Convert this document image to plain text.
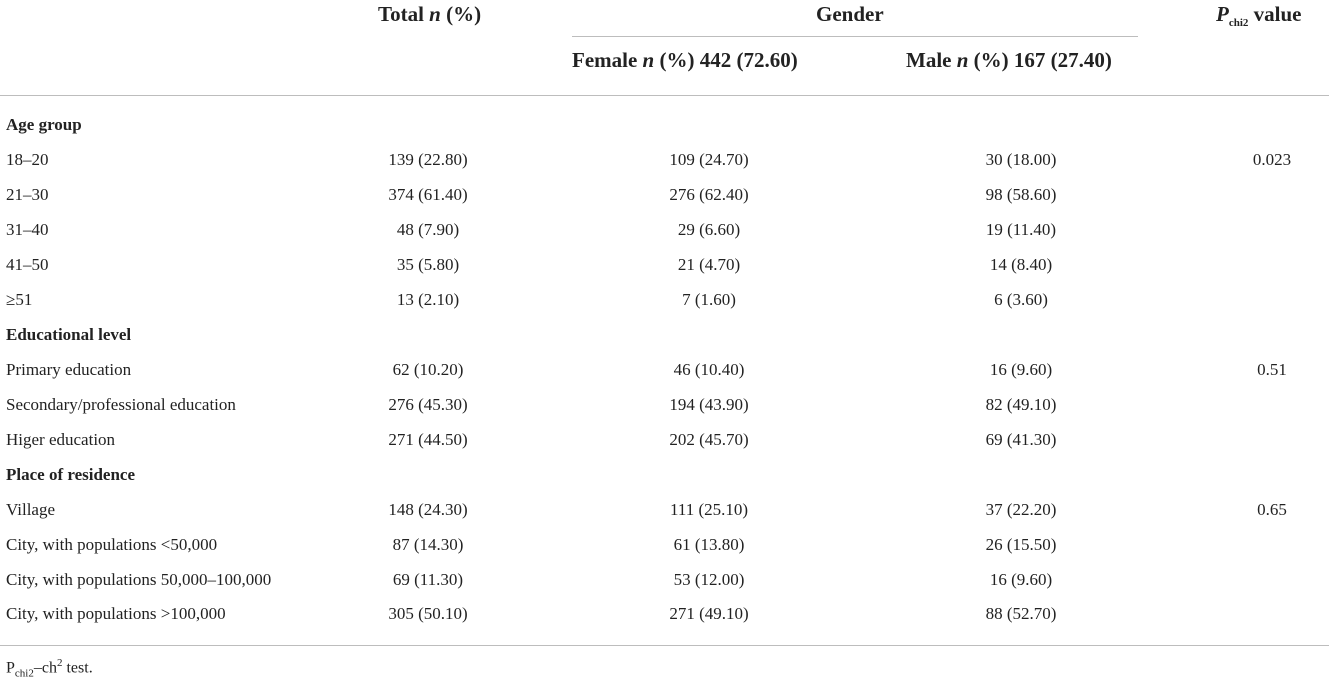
Total n (%)	Gender	$P_{chi2}$ value
Female n (%) 442 (72.60)	Male n (%) 167 (27.40)
Age group
18–20	139 (22.80)	109 (24.70)	30 (18.00)	0.023
21–30	374 (61.40)	276 (62.40)	98 (58.60)
31–40	48 (7.90)	29 (6.60)	19 (11.40)
41–50	35 (5.80)	21 (4.70)	14 (8.40)
≥51	13 (2.10)	7 (1.60)	6 (3.60)
Educational level
Primary education	62 (10.20)	46 (10.40)	16 (9.60)	0.51
Secondary/professional education	276 (45.30)	194 (43.90)	82 (49.10)
Higer education	271 (44.50)	202 (45.70)	69 (41.30)
Place of residence
Village	148 (24.30)	111 (25.10)	37 (22.20)	0.65
City, with populations <50,000	87 (14.30)	61 (13.80)	26 (15.50)
City, with populations 50,000–100,000	69 (11.30)	53 (12.00)	16 (9.60)
City, with populations >100,000	305 (50.10)	271 (49.10)	88 (52.70)
$P_{chi2}-ch^2$ test.
